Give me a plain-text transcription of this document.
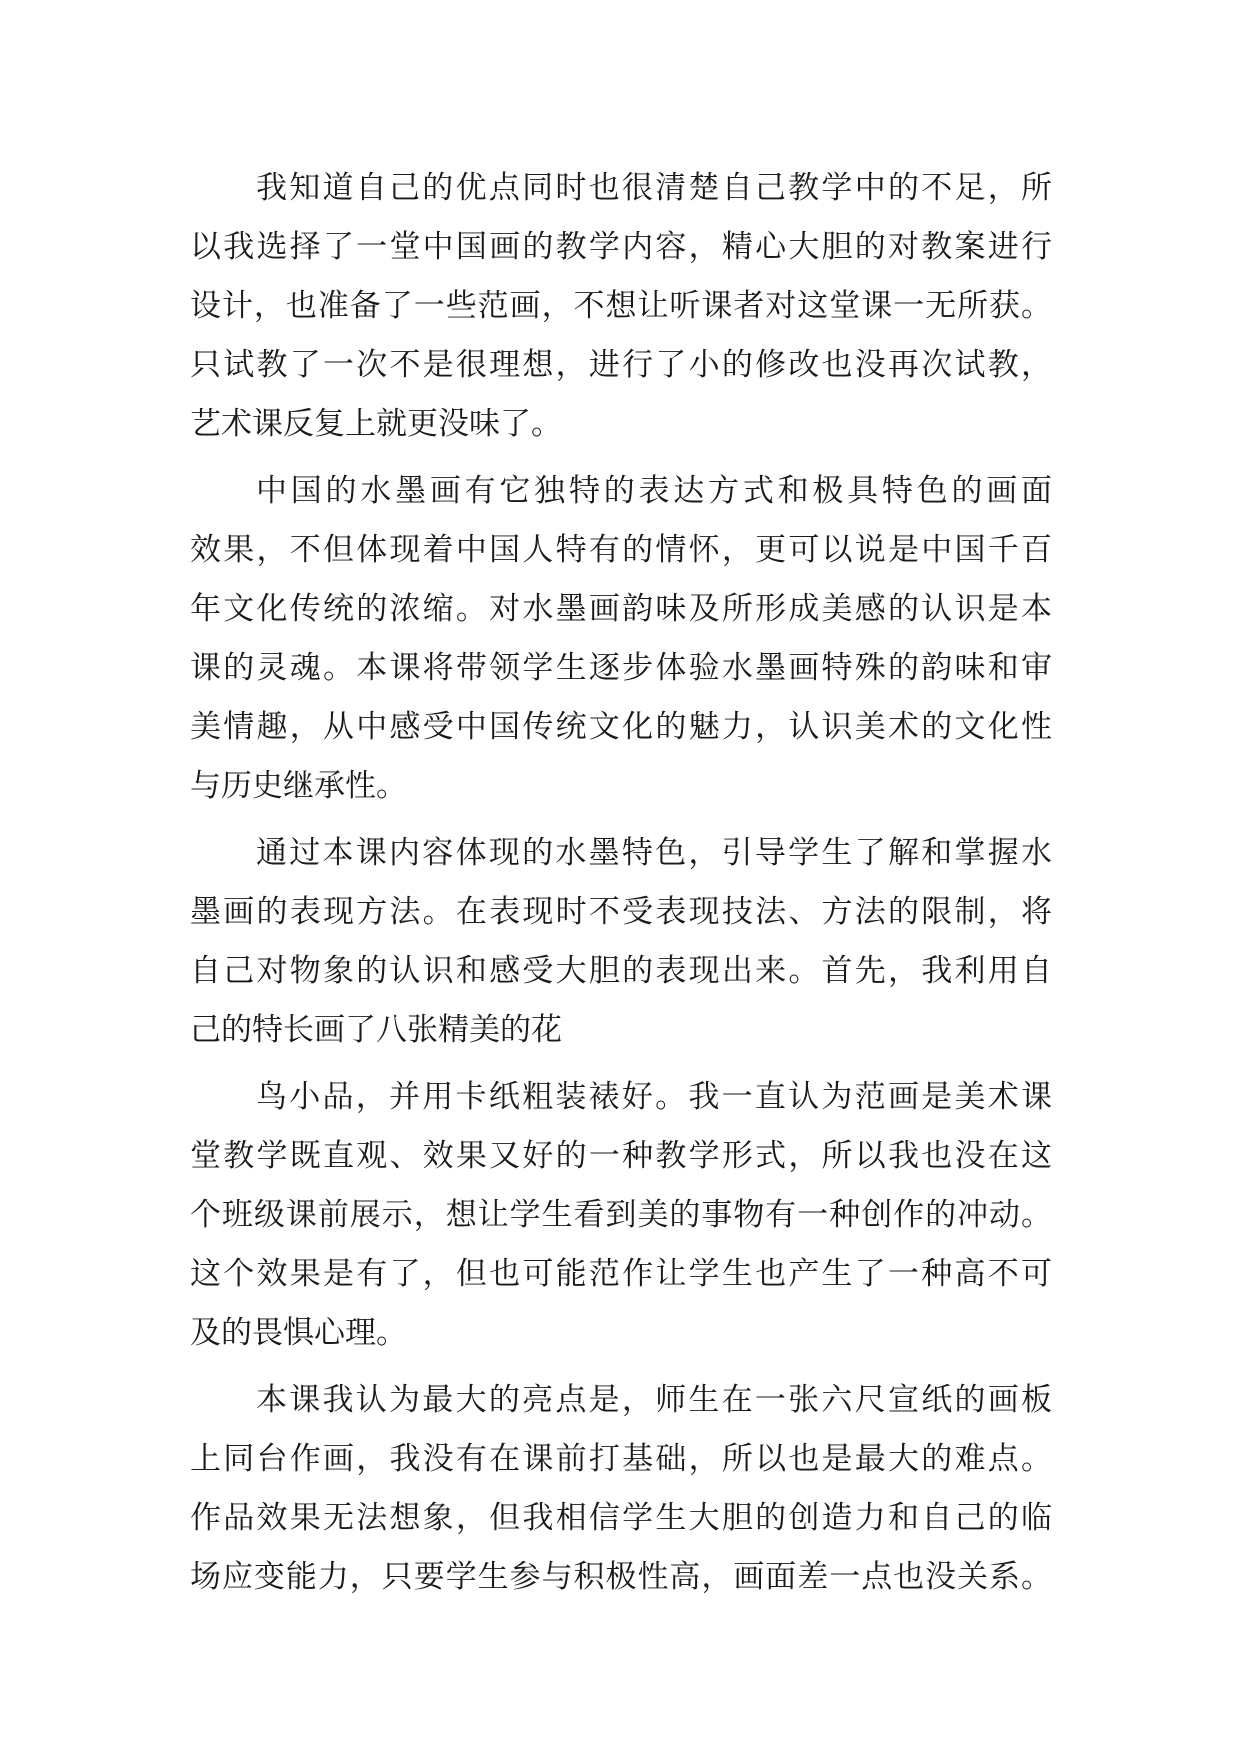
我知道自己的优点同时也很清楚自己教学中的不足，所
以我选择了一堂中国画的教学内容，精心大胆的对教案进行
设计，也准备了一些范画，不想让听课者对这堂课一无所获。
只试教了一次不是很理想，进行了小的修改也没再次试教，
艺术课反复上就更没味了。
中国的水墨画有它独特的表达方式和极具特色的画面
效果，不但体现着中国人特有的情怀，更可以说是中国千百
年文化传统的浓缩。对水墨画韵味及所形成美感的认识是本
课的灵魂。本课将带领学生逐步体验水墨画特殊的韵味和审
美情趣，从中感受中国传统文化的魅力，认识美术的文化性
与历史继承性。
通过本课内容体现的水墨特色，引导学生了解和掌握水
墨画的表现方法。在表现时不受表现技法、方法的限制，将
自己对物象的认识和感受大胆的表现出来。首先，我利用自
己的特长画了八张精美的花
鸟小品，并用卡纸粗装裱好。我一直认为范画是美术课
堂教学既直观、效果又好的一种教学形式，所以我也没在这
个班级课前展示，想让学生看到美的事物有一种创作的冲动。
这个效果是有了，但也可能范作让学生也产生了一种高不可
及的畏惧心理。
本课我认为最大的亮点是，师生在一张六尺宣纸的画板
上同台作画，我没有在课前打基础，所以也是最大的难点。
作品效果无法想象，但我相信学生大胆的创造力和自己的临
场应变能力，只要学生参与积极性高，画面差一点也没关系。
